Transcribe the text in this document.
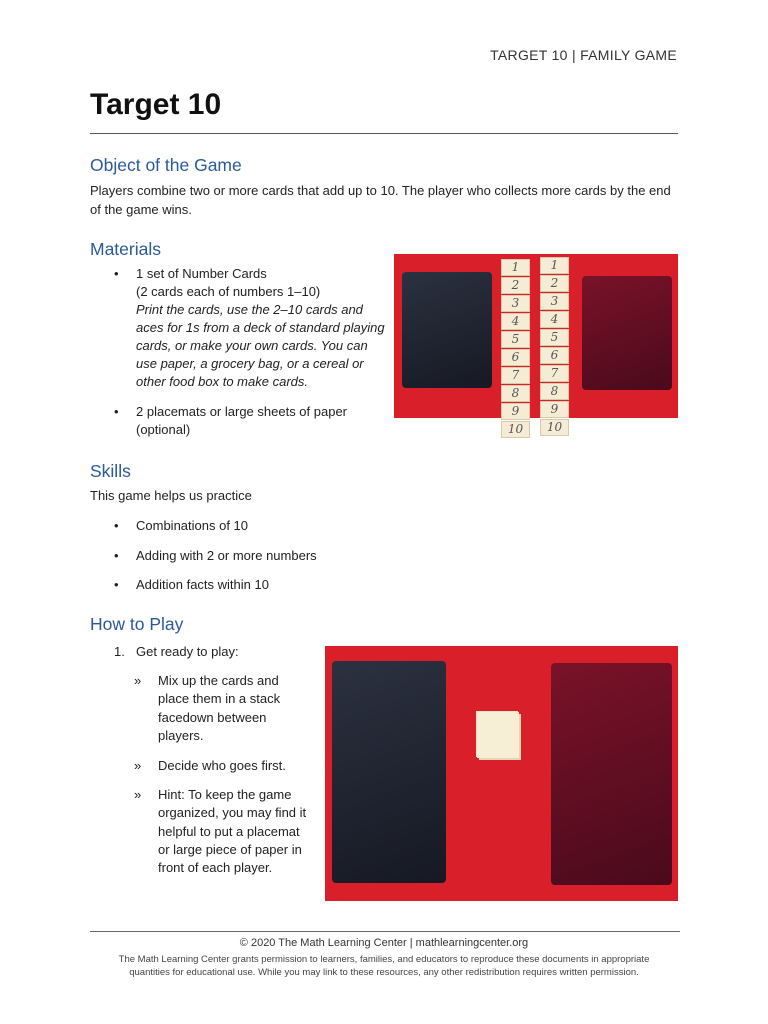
TARGET 10 | FAMILY GAME
Target 10
Object of the Game
Players combine two or more cards that add up to 10. The player who collects more cards by the end of the game wins.
Materials
• 1 set of Number Cards
(2 cards each of numbers 1–10)
Print the cards, use the 2–10 cards and aces for 1s from a deck of standard playing cards, or make your own cards. You can use paper, a grocery bag, or a cereal or other food box to make cards.
• 2 placemats or large sheets of paper (optional)
1
2
3
4
5
6
7
8
9
10
1
2
3
4
5
6
7
8
9
10
Skills
This game helps us practice
• Combinations of 10
• Adding with 2 or more numbers
• Addition facts within 10
How to Play
1. Get ready to play:
» Mix up the cards and place them in a stack facedown between players.
» Decide who goes first.
» Hint: To keep the game organized, you may find it helpful to put a placemat or large piece of paper in front of each player.
© 2020 The Math Learning Center | mathlearningcenter.org
The Math Learning Center grants permission to learners, families, and educators to reproduce these documents in appropriate quantities for educational use. While you may link to these resources, any other redistribution requires written permission.
